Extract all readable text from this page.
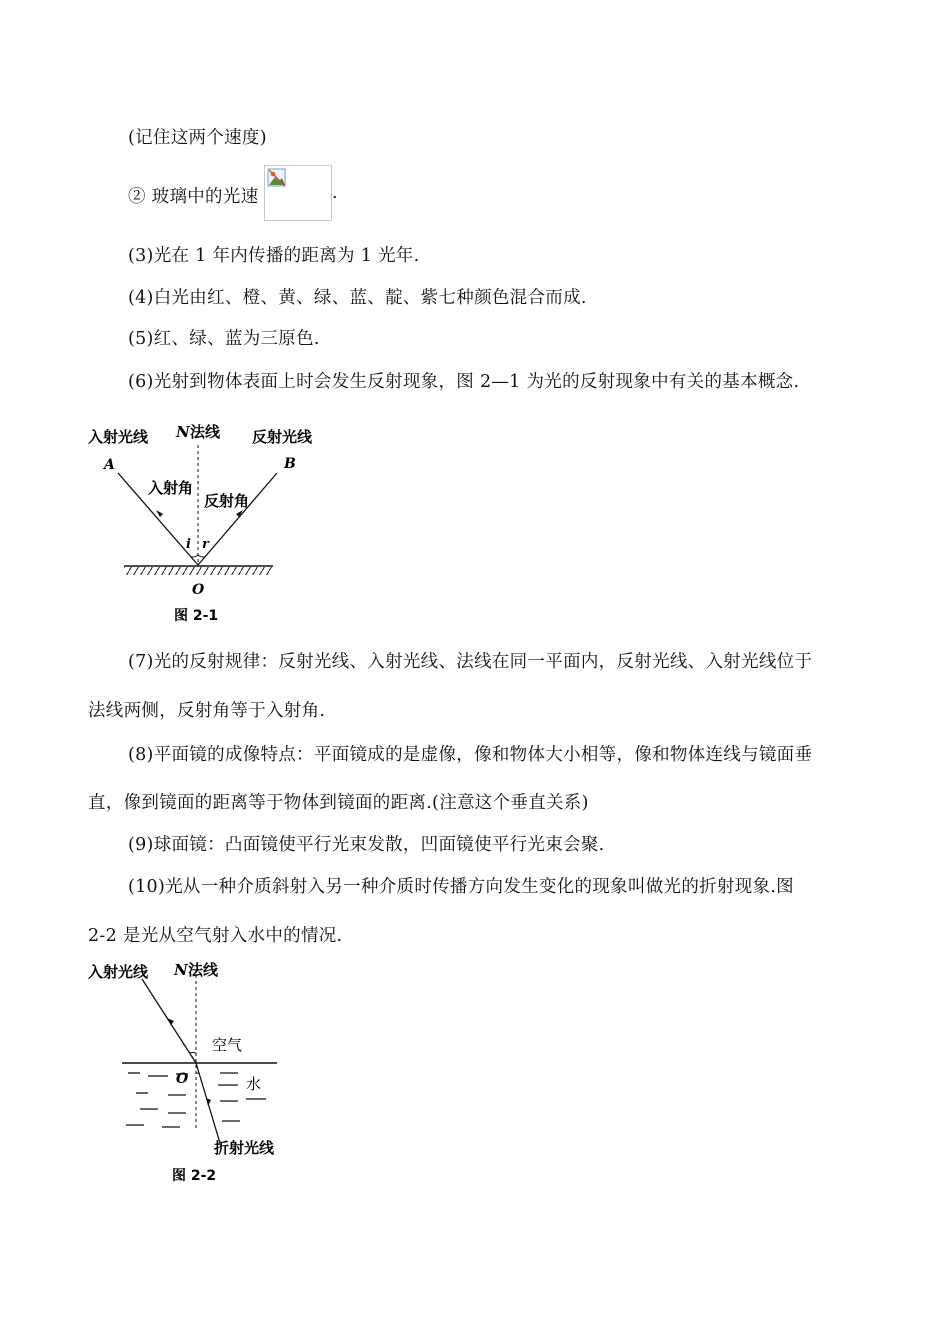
(记住这两个速度)
② 玻璃中的光速	.
(3)光在 1 年内传播的距离为 1 光年.
(4)白光由红、橙、黄、绿、蓝、靛、紫七种颜色混合而成.
(5)红、绿、蓝为三原色.
(6)光射到物体表面上时会发生反射现象，图 2—1 为光的反射现象中有关的基本概念.
入射光线 N 法线 反射光线
A	B
入射角
反射角
i r
O
图 2-1
(7)光的反射规律：反射光线、入射光线、法线在同一平面内，反射光线、入射光线位于
法线两侧，反射角等于入射角.
(8)平面镜的成像特点：平面镜成的是虚像，像和物体大小相等，像和物体连线与镜面垂
直，像到镜面的距离等于物体到镜面的距离.(注意这个垂直关系)
(9)球面镜：凸面镜使平行光束发散，凹面镜使平行光束会聚.
(10)光从一种介质斜射入另一种介质时传播方向发生变化的现象叫做光的折射现象.图
2-2 是光从空气射入水中的情况.
入射光线 N 法线
空气
O	水
折射光线
图 2-2
